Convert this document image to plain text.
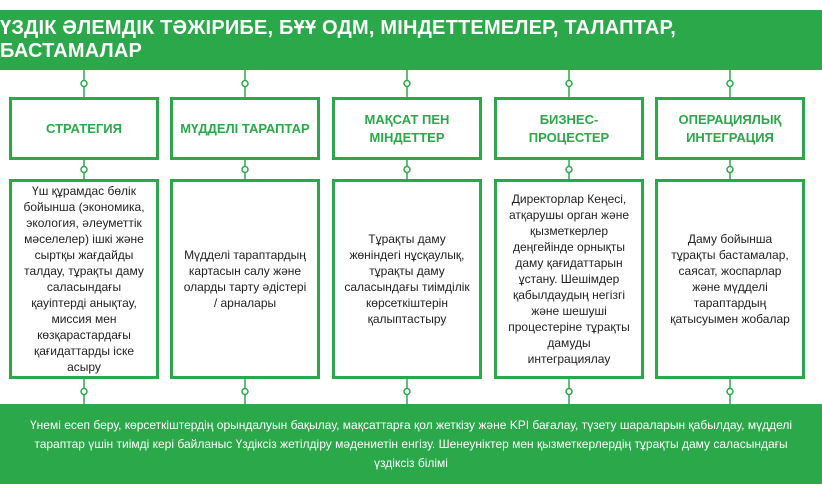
ҮЗДІК ӘЛЕМДІК ТӘЖІРИБЕ, БҰҰ ОДМ, МІНДЕТТЕМЕЛЕР, ТАЛАПТАР, БАСТАМАЛАР
СТРАТЕГИЯ	МҮДДЕЛІ ТАРАПТАР
МАҚСАТ ПЕН МІНДЕТТЕР
БИЗНЕС-ПРОЦЕСТЕР
ОПЕРАЦИЯЛЫҚ ИНТЕГРАЦИЯ
Үш құрамдас бөлік бойынша (экономика, экология, әлеуметтік мәселелер) ішкі және сыртқы жағдайды талдау, тұрақты даму саласындағы қауіптерді анықтау, миссия мен көзқарастардағы қағидаттарды іске асыру
Мүдделі тараптардың картасын салу және оларды тарту әдістері / арналары
Тұрақты даму жөніндегі нұсқаулық, тұрақты даму саласындағы тиімділік көрсеткіштерін қалыптастыру
Директорлар Кеңесі, атқарушы орган және қызметкерлер деңгейінде орнықты даму қағидаттарын ұстану. Шешімдер қабылдаудың негізгі және шешуші процестеріне тұрақты дамуды интеграциялау
Даму бойынша тұрақты бастамалар, саясат, жоспарлар және мүдделі тараптардың қатысуымен жобалар
Үнемі есеп беру, көрсеткіштердің орындалуын бақылау, мақсаттарға қол жеткізу және KPI бағалау, түзету шараларын қабылдау, мүдделі тараптар үшін тиімді кері байланыс Үздіксіз жетілдіру мәдениетін енгізу. Шенеуніктер мен қызметкерлердің тұрақты даму саласындағы үздіксіз білімі
